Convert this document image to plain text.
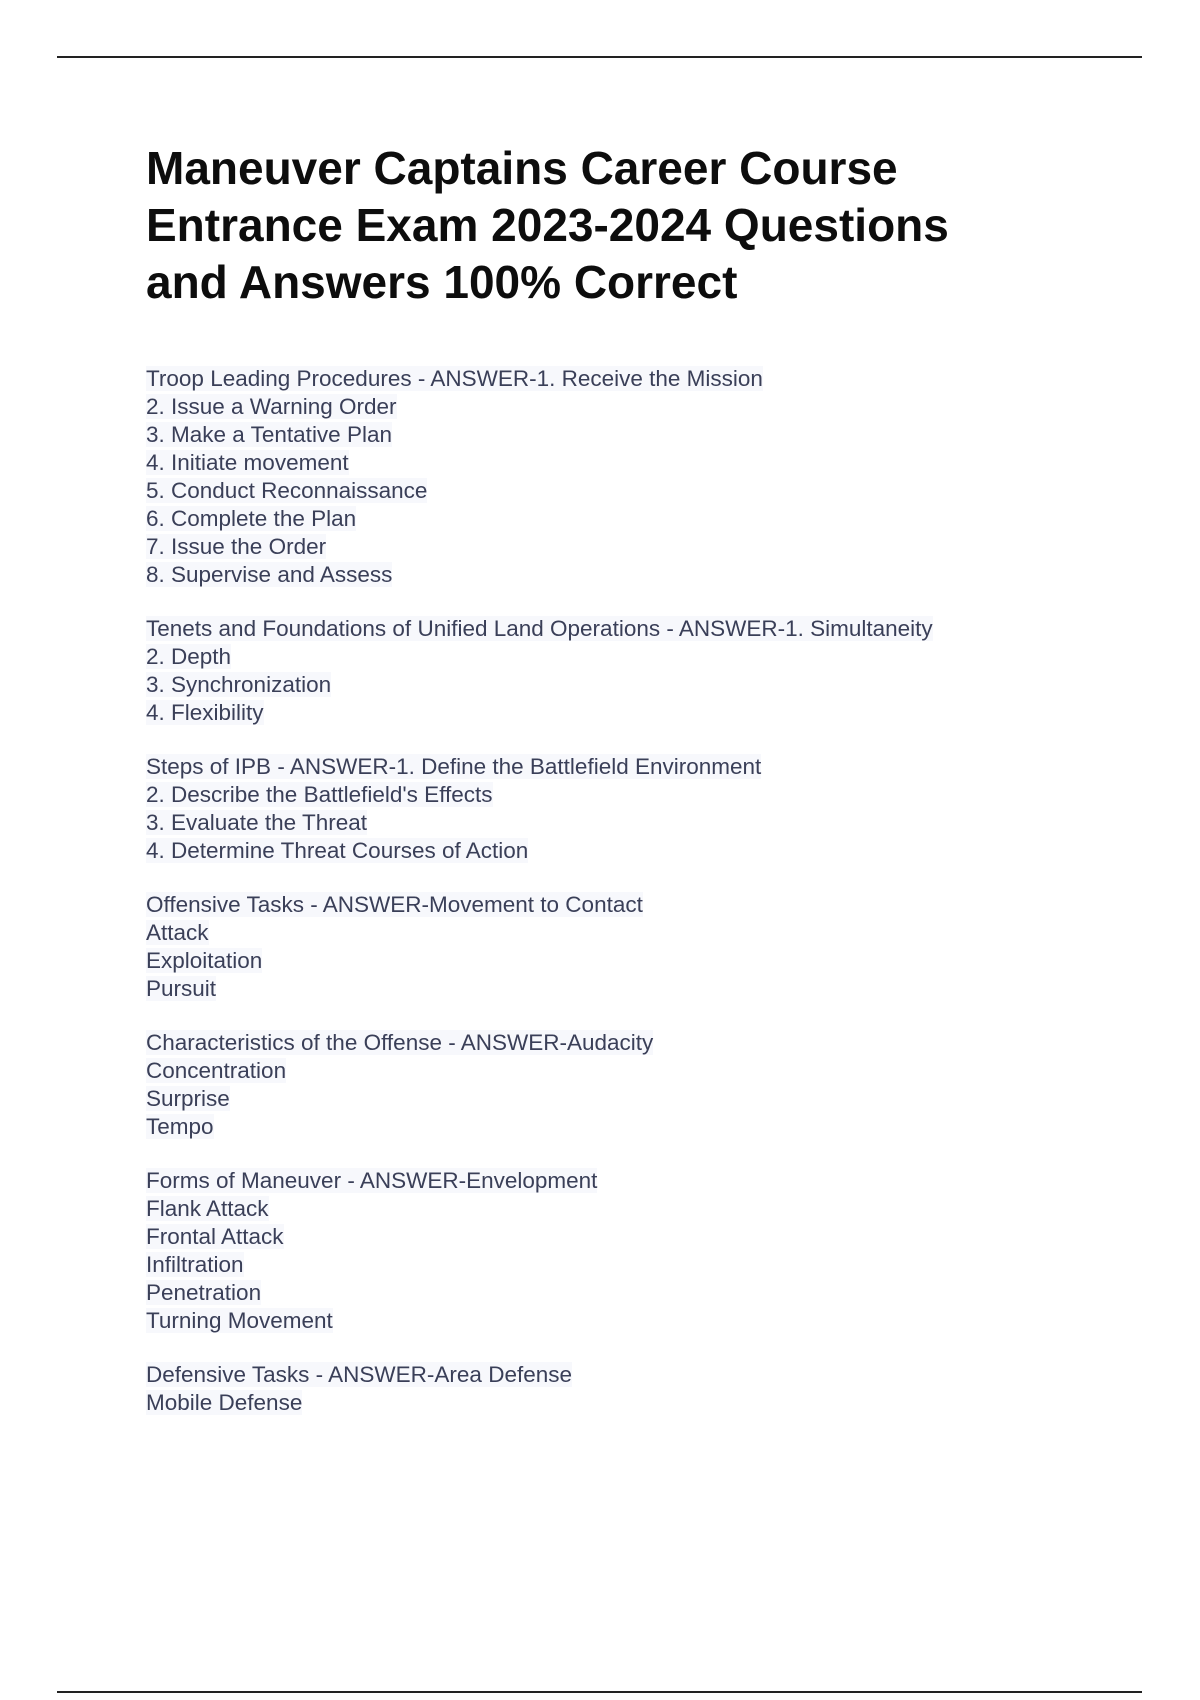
Maneuver Captains Career Course
Entrance Exam 2023-2024 Questions
and Answers 100% Correct
Troop Leading Procedures - ANSWER-1. Receive the Mission
2. Issue a Warning Order
3. Make a Tentative Plan
4. Initiate movement
5. Conduct Reconnaissance
6. Complete the Plan
7. Issue the Order
8. Supervise and Assess
Tenets and Foundations of Unified Land Operations - ANSWER-1. Simultaneity
2. Depth
3. Synchronization
4. Flexibility
Steps of IPB - ANSWER-1. Define the Battlefield Environment
2. Describe the Battlefield's Effects
3. Evaluate the Threat
4. Determine Threat Courses of Action
Offensive Tasks - ANSWER-Movement to Contact
Attack
Exploitation
Pursuit
Characteristics of the Offense - ANSWER-Audacity
Concentration
Surprise
Tempo
Forms of Maneuver - ANSWER-Envelopment
Flank Attack
Frontal Attack
Infiltration
Penetration
Turning Movement
Defensive Tasks - ANSWER-Area Defense
Mobile Defense
